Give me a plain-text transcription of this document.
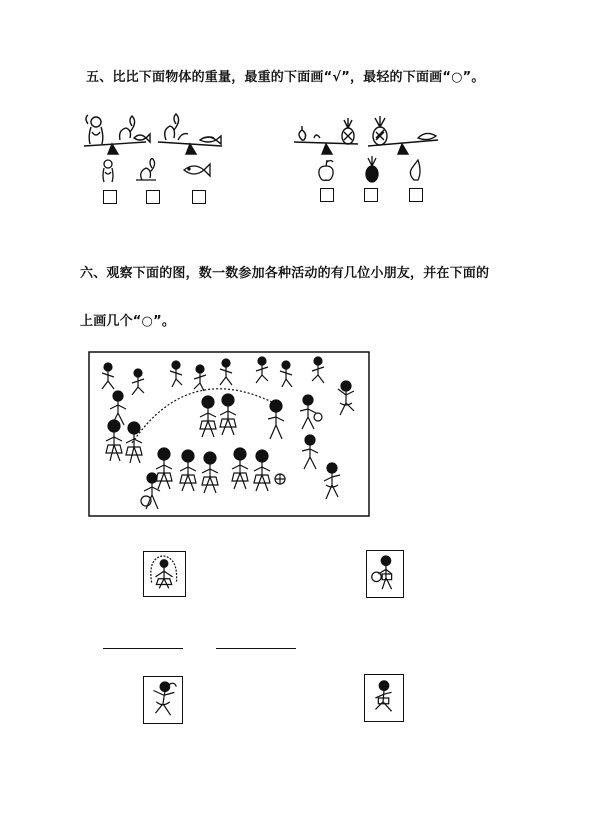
五、比比下面物体的重量，最重的下面画“√”，最轻的下面画“○”。
六、观察下面的图，数一数参加各种活动的有几位小朋友，并在下面的
上画几个“○”。
